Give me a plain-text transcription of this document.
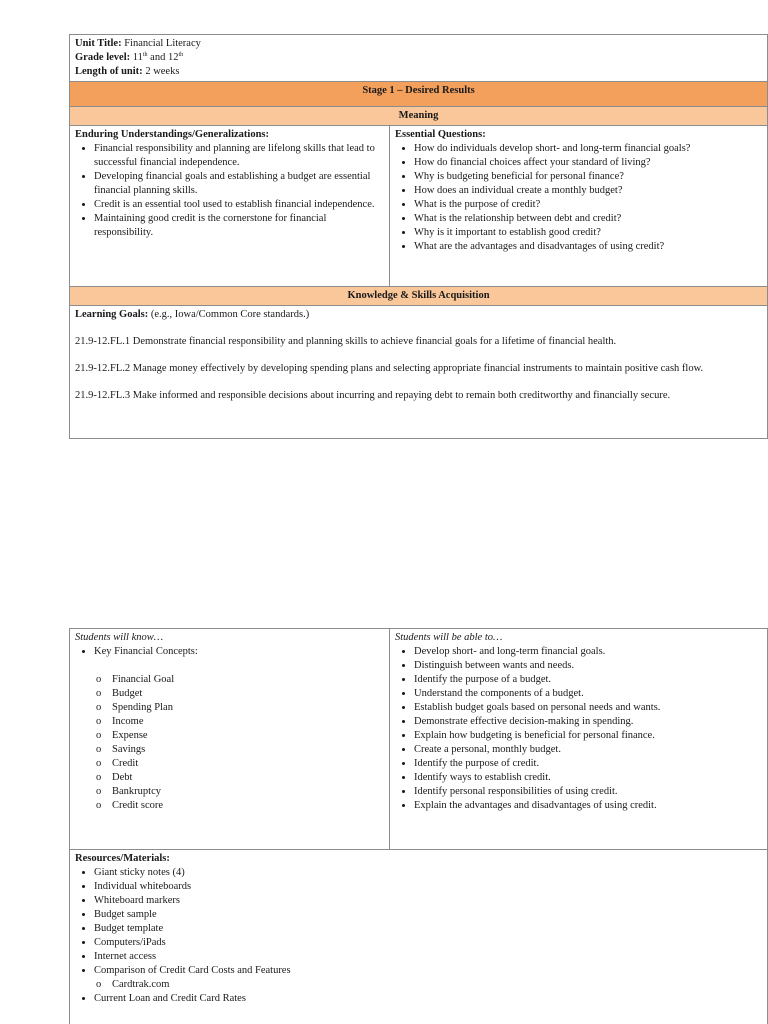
Unit Title: Financial Literacy
Grade level: 11th and 12th
Length of unit: 2 weeks

Stage 1 – Desired Results
Meaning
Enduring Understandings/Generalizations:
• Financial responsibility and planning are lifelong skills that lead to successful financial independence.
• Developing financial goals and establishing a budget are essential financial planning skills.
• Credit is an essential tool used to establish financial independence.
• Maintaining good credit is the cornerstone for financial responsibility.
	Essential Questions:
• How do individuals develop short- and long-term financial goals?
• How do financial choices affect your standard of living?
• Why is budgeting beneficial for personal finance?
• How does an individual create a monthly budget?
• What is the purpose of credit?
• What is the relationship between debt and credit?
• Why is it important to establish good credit?
• What are the advantages and disadvantages of using credit?

Knowledge & Skills Acquisition

Learning Goals: (e.g., Iowa/Common Core standards.)
21.9-12.FL.1 Demonstrate financial responsibility and planning skills to achieve financial goals for a lifetime of financial health.
21.9-12.FL.2 Manage money effectively by developing spending plans and selecting appropriate financial instruments to maintain positive cash flow.
21.9-12.FL.3 Make informed and responsible decisions about incurring and repaying debt to remain both creditworthy and financially secure.
Students will know…
• Key Financial Concepts:
o Financial Goal
o Budget
o Spending Plan
o Income
o Expense
o Savings
o Credit
o Debt
o Bankruptcy
o Credit score
	Students will be able to…
• Develop short- and long-term financial goals.
• Distinguish between wants and needs.
• Identify the purpose of a budget.
• Understand the components of a budget.
• Establish budget goals based on personal needs and wants.
• Demonstrate effective decision-making in spending.
• Explain how budgeting is beneficial for personal finance.
• Create a personal, monthly budget.
• Identify the purpose of credit.
• Identify ways to establish credit.
• Identify personal responsibilities of using credit.
• Explain the advantages and disadvantages of using credit.

Resources/Materials:
• Giant sticky notes (4)
• Individual whiteboards
• Whiteboard markers
• Budget sample
• Budget template
• Computers/iPads
• Internet access
• Comparison of Credit Card Costs and Features
o Cardtrak.com
• Current Loan and Credit Card Rates
